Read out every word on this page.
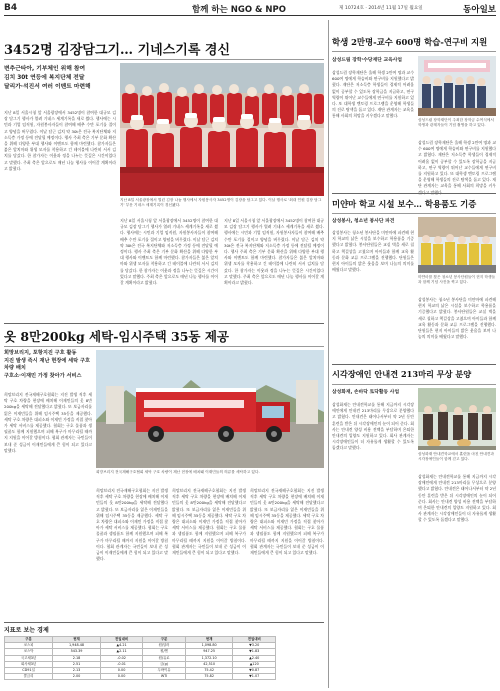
B4	함께 하는 NGO & NPO	제 10724호 · 2014년 11월 17일 월요일	동아일보
3452명 김장담그기… 기네스기록 경신
변추근타아, 기부체인 위해 참여
김치 30t 연등에 복지단체 전달
달리가·석진서 여러 이벤트 마련해
지난 8일 서울시청 앞 서울광장에서 3452명이 참여한 대규모 김장 담그기 행사가 열려 기네스 세계기록을 새로 썼다. 행사에는 시민과 기업 임직원, 자원봉사자들이 참여해 배추 수만 포기를 절이고 양념을 버무렸다. 이날 담근 김치 약 30t은 전국 복지단체와 저소득층 가정 등에 전달될 예정이다. 행사 주최 측은 기부 문화 확산을 위해 다양한 부대 행사와 이벤트도 함께 마련했다. 참가자들은 붉은 앞치마와 위생 모자를 착용하고 긴 테이블에 나란히 서서 김치를 담갔다. 한 참가자는 이웃과 정을 나누는 뜻깊은 시간이었다고 말했다. 주최 측은 앞으로도 매년 나눔 행사를 이어갈 계획이라고 밝혔다.
지난 8일 서울광장에서 열린 김장 나눔 행사에서 자원봉사자 3452명이 김장을 담그고 있다. 이날 행사로 '최대 인원 김장 담그기' 부문 기네스 세계기록이 경신됐다.
지난 8일 서울시청 앞 서울광장에서 3452명이 참여한 대규모 김장 담그기 행사가 열려 기네스 세계기록을 새로 썼다. 행사에는 시민과 기업 임직원, 자원봉사자들이 참여해 배추 수만 포기를 절이고 양념을 버무렸다. 이날 담근 김치 약 30t은 전국 복지단체와 저소득층 가정 등에 전달될 예정이다. 행사 주최 측은 기부 문화 확산을 위해 다양한 부대 행사와 이벤트도 함께 마련했다. 참가자들은 붉은 앞치마와 위생 모자를 착용하고 긴 테이블에 나란히 서서 김치를 담갔다. 한 참가자는 이웃과 정을 나누는 뜻깊은 시간이었다고 말했다. 주최 측은 앞으로도 매년 나눔 행사를 이어갈 계획이라고 밝혔다.
지난 8일 서울시청 앞 서울광장에서 3452명이 참여한 대규모 김장 담그기 행사가 열려 기네스 세계기록을 새로 썼다. 행사에는 시민과 기업 임직원, 자원봉사자들이 참여해 배추 수만 포기를 절이고 양념을 버무렸다. 이날 담근 김치 약 30t은 전국 복지단체와 저소득층 가정 등에 전달될 예정이다. 행사 주최 측은 기부 문화 확산을 위해 다양한 부대 행사와 이벤트도 함께 마련했다. 참가자들은 붉은 앞치마와 위생 모자를 착용하고 긴 테이블에 나란히 서서 김치를 담갔다. 한 참가자는 이웃과 정을 나누는 뜻깊은 시간이었다고 말했다. 주최 측은 앞으로도 매년 나눔 행사를 이어갈 계획이라고 밝혔다.
옷 8만200kg 세탁-임시주택 35동 제공
희망브리지, 포항지진 구호 활동
지진 발생 즉시 재난 현장에 세탁 구호 차량 배치
구호소·이재민 가정 찾아가 서비스
희망브리지 전국재해구호협회는 지진 발생 직후 세탁 구호 차량을 현장에 배치해 이재민들의 옷 8만200kg을 세탁해 전달했다고 밝혔다. 또 보금자리를 잃은 이재민들을 위해 임시주택 35동을 제공했다. 세탁 구호 차량은 대피소와 이재민 가정을 직접 찾아가 세탁 서비스를 제공했다. 협회는 구호 물품과 생필품도 함께 지원했으며 피해 복구가 마무리될 때까지 지원을 이어갈 방침이다. 협회 관계자는 국민들이 보내 준 성금이 이재민들에게 큰 힘이 되고 있다고 말했다.
희망브리지 전국재해구호협회 세탁 구호 차량이 재난 현장에 배치돼 이재민들의 의류를 세탁하고 있다.
희망브리지 전국재해구호협회는 지진 발생 직후 세탁 구호 차량을 현장에 배치해 이재민들의 옷 8만200kg을 세탁해 전달했다고 밝혔다. 또 보금자리를 잃은 이재민들을 위해 임시주택 35동을 제공했다. 세탁 구호 차량은 대피소와 이재민 가정을 직접 찾아가 세탁 서비스를 제공했다. 협회는 구호 물품과 생필품도 함께 지원했으며 피해 복구가 마무리될 때까지 지원을 이어갈 방침이다. 협회 관계자는 국민들이 보내 준 성금이 이재민들에게 큰 힘이 되고 있다고 말했다.
희망브리지 전국재해구호협회는 지진 발생 직후 세탁 구호 차량을 현장에 배치해 이재민들의 옷 8만200kg을 세탁해 전달했다고 밝혔다. 또 보금자리를 잃은 이재민들을 위해 임시주택 35동을 제공했다. 세탁 구호 차량은 대피소와 이재민 가정을 직접 찾아가 세탁 서비스를 제공했다. 협회는 구호 물품과 생필품도 함께 지원했으며 피해 복구가 마무리될 때까지 지원을 이어갈 방침이다. 협회 관계자는 국민들이 보내 준 성금이 이재민들에게 큰 힘이 되고 있다고 말했다.
희망브리지 전국재해구호협회는 지진 발생 직후 세탁 구호 차량을 현장에 배치해 이재민들의 옷 8만200kg을 세탁해 전달했다고 밝혔다. 또 보금자리를 잃은 이재민들을 위해 임시주택 35동을 제공했다. 세탁 구호 차량은 대피소와 이재민 가정을 직접 찾아가 세탁 서비스를 제공했다. 협회는 구호 물품과 생필품도 함께 지원했으며 피해 복구가 마무리될 때까지 지원을 이어갈 방침이다. 협회 관계자는 국민들이 보내 준 성금이 이재민들에게 큰 힘이 되고 있다고 말했다.
지표로 보는 경제
구분	현재	전일대비	구분	현재	전일대비
코스피	1,948.48	▲4.21	원/달러	1,098.80	▼3.20
코스닥	543.39	▲2.11	원/엔	947.25	▼1.83
국고채3년	2.18	-0.02	원/유로	1,372.10	▲2.40
회사채3년	2.51	-0.01	금(g)	42,510	▲120
CD91일	2.13	0.00	두바이유	75.42	▼0.87
콜금리	2.00	0.00	WTI	75.82	▼1.07
학생 2만명-교수 600명 학습-연구비 지원
삼성드림 장학·수당재단 교육사업
삼성드림 장학재단은 올해 학생 2만여 명과 교수 600여 명에게 학습비와 연구비를 지원했다고 밝혔다. 재단은 저소득층 학생들이 경제적 어려움 없이 공부할 수 있도록 장학금을 지급하고, 연구 역량이 뛰어난 교수들에게 연구비를 지원하고 있다. 또 대학생 멘토링 프로그램을 운영해 학생들의 진로 탐색을 돕고 있다. 재단 관계자는 교육을 통해 사회의 희망을 키우겠다고 말했다.
삼성드림 장학재단이 주최한 장학금 수여식에서 학생과 관계자들이 기념 촬영을 하고 있다.
삼성드림 장학재단은 올해 학생 2만여 명과 교수 600여 명에게 학습비와 연구비를 지원했다고 밝혔다. 재단은 저소득층 학생들이 경제적 어려움 없이 공부할 수 있도록 장학금을 지급하고, 연구 역량이 뛰어난 교수들에게 연구비를 지원하고 있다. 또 대학생 멘토링 프로그램을 운영해 학생들의 진로 탐색을 돕고 있다. 재단 관계자는 교육을 통해 사회의 희망을 키우
미얀마 학교 시설 보수… 학용품도 기증
삼성봉사, 청소년 봉사단 파견
삼성봉사는 청소년 봉사단을 미얀마에 파견해 현지 학교의 낡은 시설을 보수하고 학용품을 기증했다고 밝혔다. 봉사단원들은 교실 벽을 새로 칠하고 책걸상을 고쳤으며 아이들과 함께 교육 활동과 문화 교류 프로그램을 진행했다. 단원들은 현지 아이들의 밝은 웃음을 보며 나눔의 의미를 배웠다고 말했다.
미얀마를 찾은 청소년 봉사단원들이 현지 학생들과 함께 기념 사진을 찍고 있다.
삼성봉사는 청소년 봉사단을 미얀마에 파견해 현지 학교의 낡은 시설을 보수하고 학용품을 기증했다고 밝혔다. 봉사단원들은 교실 벽을 새로 칠하고 책걸상을 고쳤으며 아이들과 함께 교육 활동과 문화 교류 프로그램을 진행했다. 단원들은 현지 아이들의 밝은 웃음을 보며 나눔의 의미를 배웠다고 말했다.
시각장애인 안내견 213마리 무상 분양
삼성화재, 손바닥 토닥활동 사업
삼성화재는 안내견학교를 통해 지금까지 시각장애인에게 안내견 213마리를 무상으로 분양했다고 밝혔다. 안내견은 태어나서부터 약 2년 동안 훈련을 받은 뒤 시각장애인의 눈이 되어 준다. 회사는 안내견 양성 비용 전액을 부담하며 은퇴한 안내견의 입양도 지원하고 있다. 회사 관계자는 시각장애인들이 더 자유롭게 생활할 수 있도록 돕겠다고 말했다.
삼성화재 안내견학교에서 훈련을 마친 안내견과 시각장애인들이 함께 걷고 있다.
삼성화재는 안내견학교를 통해 지금까지 시각장애인에게 안내견 213마리를 무상으로 분양했다고 밝혔다. 안내견은 태어나서부터 약 2년 동안 훈련을 받은 뒤 시각장애인의 눈이 되어 준다. 회사는 안내견 양성 비용 전액을 부담하며 은퇴한 안내견의 입양도 지원하고 있다. 회사 관계자는 시각장애인들이 더 자유롭게 생활할 수 있도록 돕겠다고 말했다.
